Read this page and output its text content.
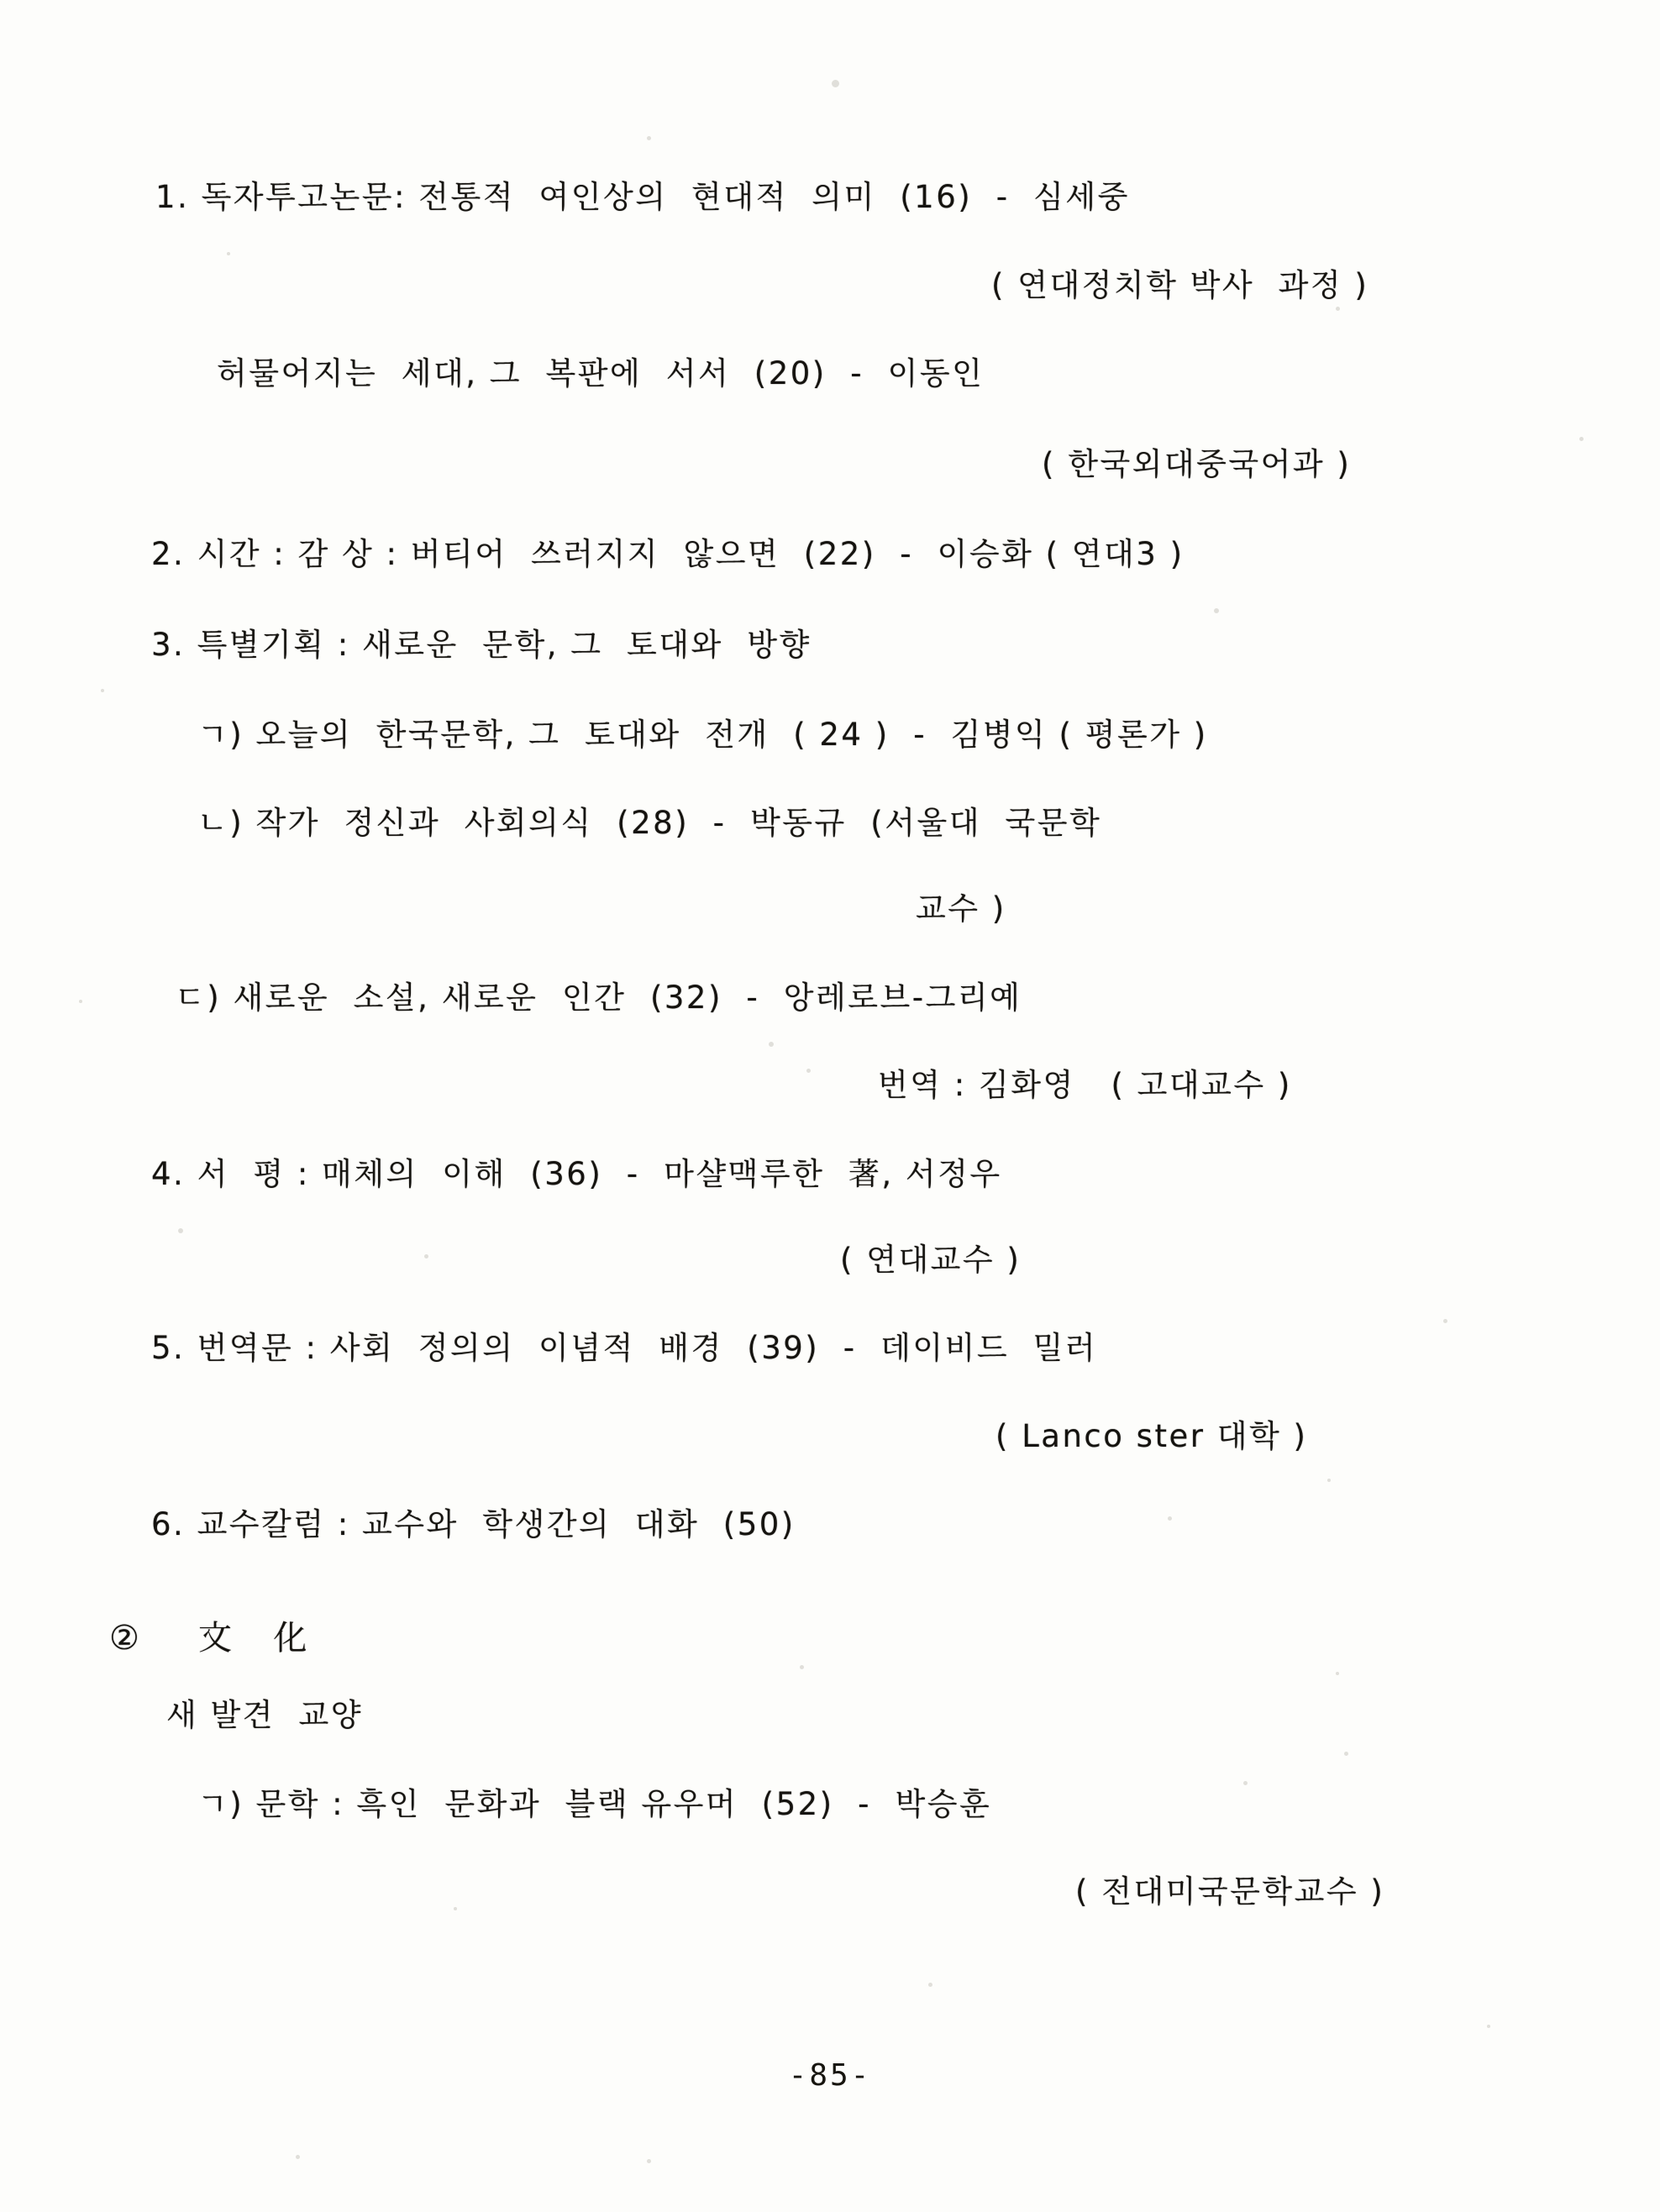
1. 독자투고논문: 전통적  여인상의  현대적  의미  (16)  -  심세중
( 연대정치학 박사  과정 )
허물어지는  세대, 그  복판에  서서  (20)  -  이동인
( 한국외대중국어과 )
2. 시간 : 감 상 : 버티어  쓰러지지  않으면  (22)  -  이승화 ( 연대3 )
3. 특별기획 : 새로운  문학, 그  토대와  방향
ㄱ) 오늘의  한국문학, 그  토대와  전개  ( 24 )  -  김병익 ( 평론가 )
ㄴ) 작가  정신과  사회의식  (28)  -  박동규  (서울대  국문학
교수 )
ㄷ) 새로운  소설, 새로운  인간  (32)  -  앙레로브-그리예
번역 : 김화영   ( 고대교수 )
4. 서  평 : 매체의  이해  (36)  -  마샬맥루한  著, 서정우
( 연대교수 )
5. 번역문 : 사회  정의의  이념적  배경  (39)  -  데이비드  밀러
( Lanco ster 대학 )
6. 교수칼럼 : 교수와  학생간의  대화  (50)
②   文  化
새 발견  교양
ㄱ) 문학 : 흑인  문화과  블랙 유우머  (52)  -  박승훈
( 전대미국문학교수 )
-85-
